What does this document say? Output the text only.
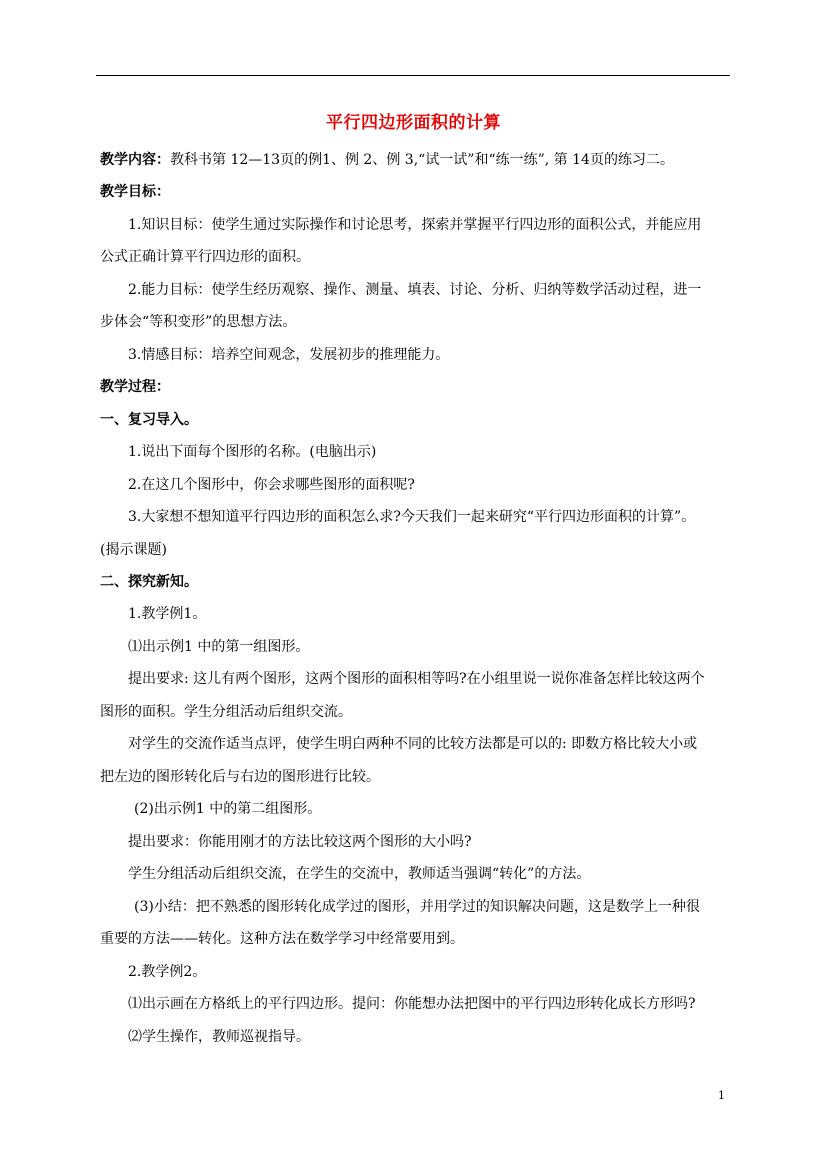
平行四边形面积的计算
教学内容：教科书第 12—13页的例1、例 2、例 3,“试一试”和“练一练”, 第 14页的练习二。
教学目标：
1.知识目标：使学生通过实际操作和讨论思考，探索并掌握平行四边形的面积公式，并能应用
公式正确计算平行四边形的面积。
2.能力目标：使学生经历观察、操作、测量、填表、讨论、分析、归纳等数学活动过程，进一
步体会“等积变形”的思想方法。
3.情感目标：培养空间观念，发展初步的推理能力。
教学过程：
一、复习导入。
1.说出下面每个图形的名称。(电脑出示)
2.在这几个图形中，你会求哪些图形的面积呢?
3.大家想不想知道平行四边形的面积怎么求?今天我们一起来研究“平行四边形面积的计算”。
(揭示课题)
二、探究新知。
1.教学例1。
⑴出示例1 中的第一组图形。
提出要求: 这儿有两个图形，这两个图形的面积相等吗?在小组里说一说你准备怎样比较这两个
图形的面积。学生分组活动后组织交流。
对学生的交流作适当点评，使学生明白两种不同的比较方法都是可以的: 即数方格比较大小或
把左边的图形转化后与右边的图形进行比较。
(2)出示例1 中的第二组图形。
提出要求：你能用刚才的方法比较这两个图形的大小吗?
学生分组活动后组织交流，在学生的交流中，教师适当强调“转化”的方法。
(3)小结：把不熟悉的图形转化成学过的图形，并用学过的知识解决问题，这是数学上一种很
重要的方法——转化。这种方法在数学学习中经常要用到。
2.教学例2。
⑴出示画在方格纸上的平行四边形。提问：你能想办法把图中的平行四边形转化成长方形吗?
⑵学生操作，教师巡视指导。
1
